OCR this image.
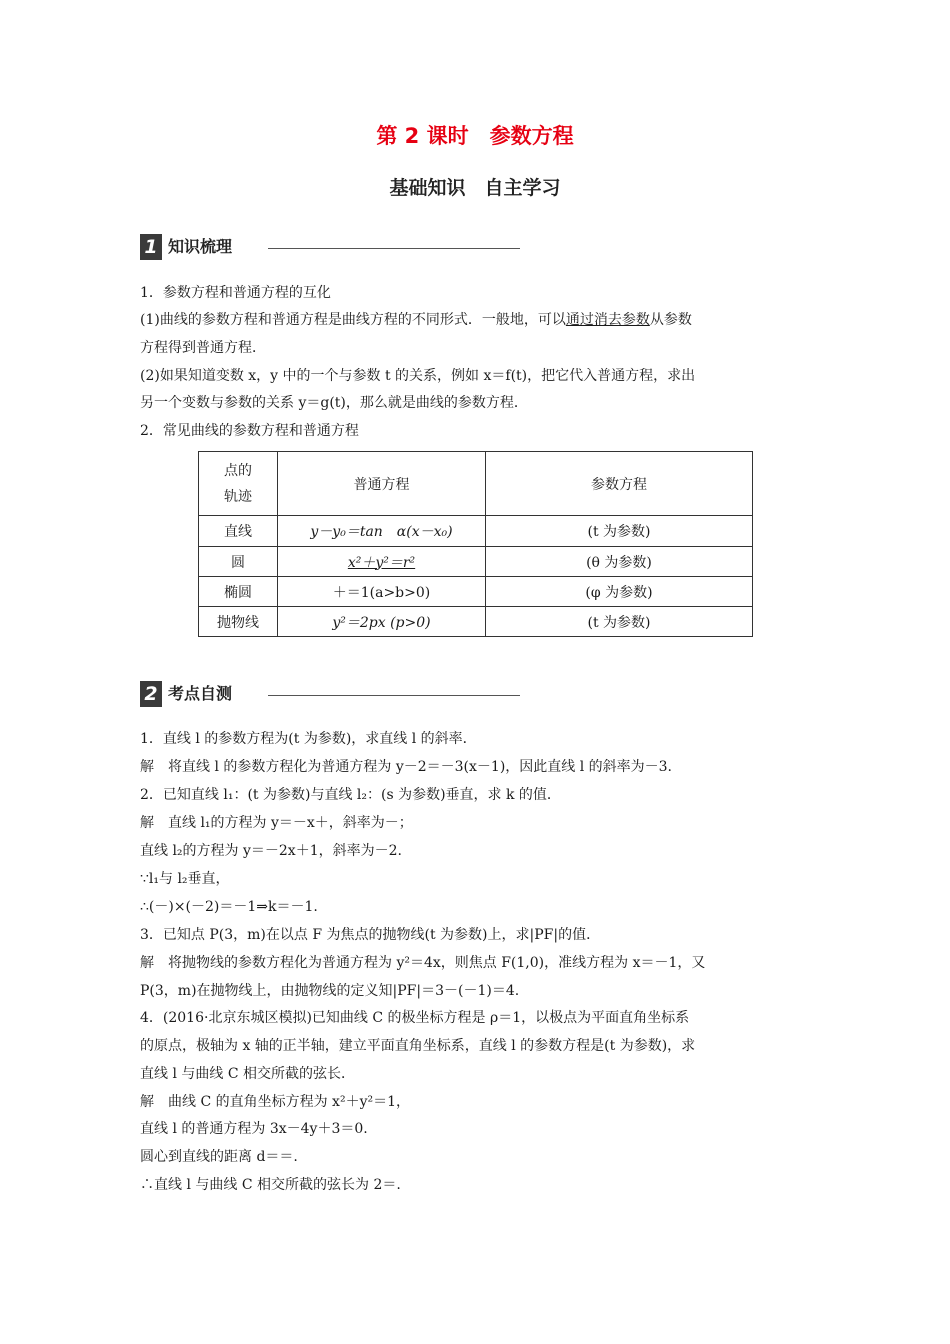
第 2 课时　参数方程
基础知识　自主学习
1 知识梳理
1．参数方程和普通方程的互化
(1)曲线的参数方程和普通方程是曲线方程的不同形式．一般地，可以通过消去参数从参数
方程得到普通方程．
(2)如果知道变数 x，y 中的一个与参数 t 的关系，例如 x＝f(t)，把它代入普通方程，求出
另一个变数与参数的关系 y＝g(t)，那么就是曲线的参数方程．
2．常见曲线的参数方程和普通方程
点的
轨迹	普通方程	参数方程
直线	y－y₀＝tan　α(x－x₀)	(t 为参数)
圆	x²＋y²＝r²	(θ 为参数)
椭圆	＋＝1(a>b>0)	(φ 为参数)
抛物线	y²＝2px (p>0)	(t 为参数)
2 考点自测
1．直线 l 的参数方程为(t 为参数)，求直线 l 的斜率．
解　将直线 l 的参数方程化为普通方程为 y－2＝－3(x－1)，因此直线 l 的斜率为－3.
2．已知直线 l₁：(t 为参数)与直线 l₂：(s 为参数)垂直，求 k 的值．
解　直线 l₁的方程为 y＝－x＋，斜率为－；
直线 l₂的方程为 y＝－2x＋1，斜率为－2.
∵l₁与 l₂垂直，
∴(－)×(－2)＝－1⇒k＝－1.
3．已知点 P(3，m)在以点 F 为焦点的抛物线(t 为参数)上，求|PF|的值．
解　将抛物线的参数方程化为普通方程为 y²＝4x，则焦点 F(1,0)，准线方程为 x＝－1，又
P(3，m)在抛物线上，由抛物线的定义知|PF|＝3－(－1)＝4.
4．(2016·北京东城区模拟)已知曲线 C 的极坐标方程是 ρ＝1，以极点为平面直角坐标系
的原点，极轴为 x 轴的正半轴，建立平面直角坐标系，直线 l 的参数方程是(t 为参数)，求
直线 l 与曲线 C 相交所截的弦长．
解　曲线 C 的直角坐标方程为 x²＋y²＝1，
直线 l 的普通方程为 3x－4y＋3＝0.
圆心到直线的距离 d＝＝.
∴直线 l 与曲线 C 相交所截的弦长为 2＝.
